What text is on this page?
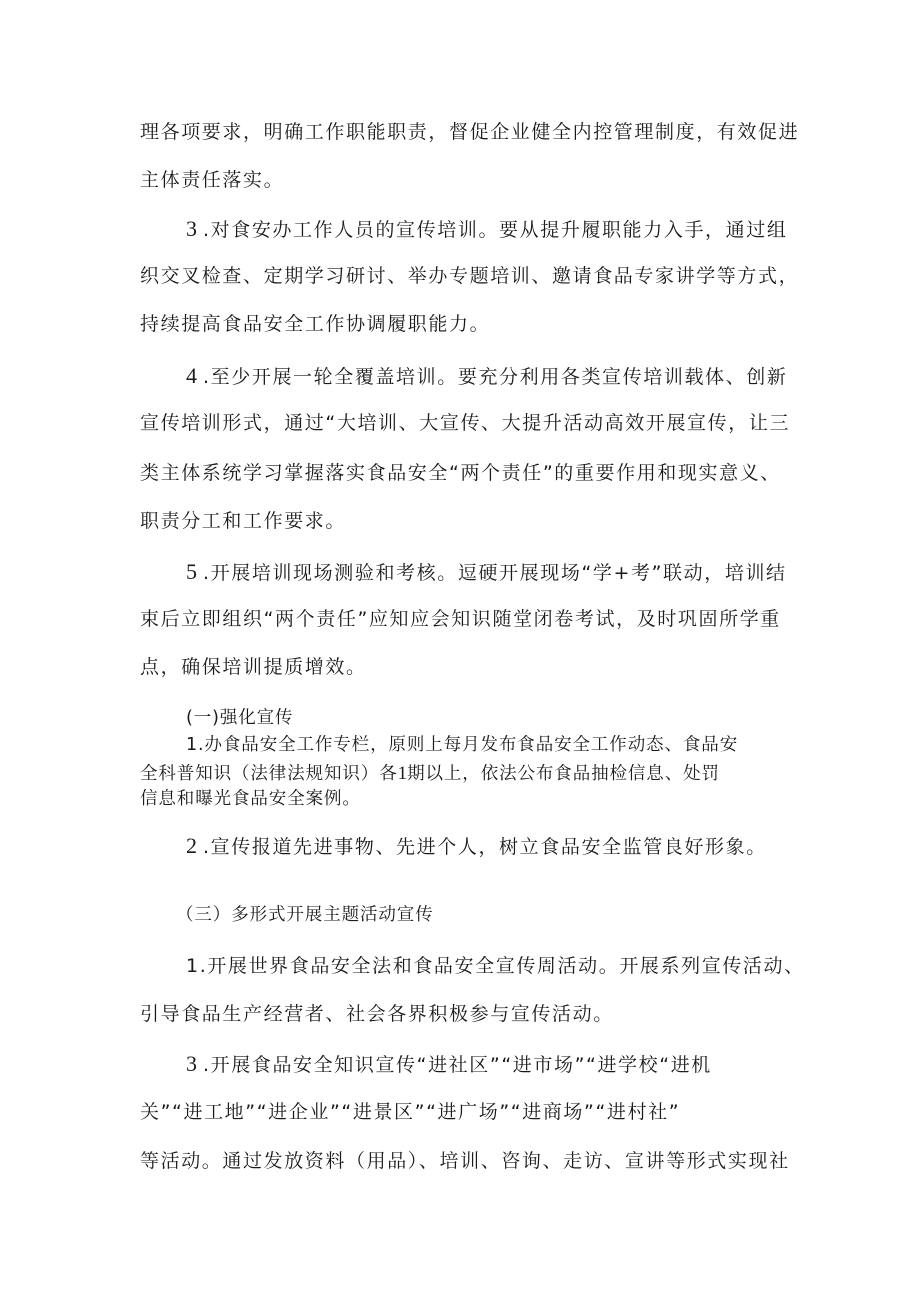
理各项要求，明确工作职能职责，督促企业健全内控管理制度，有效促进
主体责任落实。
3 .对食安办工作人员的宣传培训。要从提升履职能力入手，通过组
织交叉检查、定期学习研讨、举办专题培训、邀请食品专家讲学等方式，
持续提高食品安全工作协调履职能力。
4 .至少开展一轮全覆盖培训。要充分利用各类宣传培训载体、创新
宣传培训形式，通过“大培训、大宣传、大提升活动高效开展宣传，让三
类主体系统学习掌握落实食品安全“两个责任”的重要作用和现实意义、
职责分工和工作要求。
5 .开展培训现场测验和考核。逗硬开展现场“学+考”联动，培训结
束后立即组织“两个责任”应知应会知识随堂闭卷考试，及时巩固所学重
点，确保培训提质增效。
(一)强化宣传
1.办食品安全工作专栏，原则上每月发布食品安全工作动态、食品安
全科普知识（法律法规知识）各1期以上，依法公布食品抽检信息、处罚
信息和曝光食品安全案例。
2 .宣传报道先进事物、先进个人，树立食品安全监管良好形象。
（三）多形式开展主题活动宣传
1.开展世界食品安全法和食品安全宣传周活动。开展系列宣传活动、
引导食品生产经营者、社会各界积极参与宣传活动。
3 .开展食品安全知识宣传“进社区”“进市场”“进学校“进机
关”“进工地”“进企业”“进景区”“进广场”“进商场”“进村社”
等活动。通过发放资料（用品）、培训、咨询、走访、宣讲等形式实现社
